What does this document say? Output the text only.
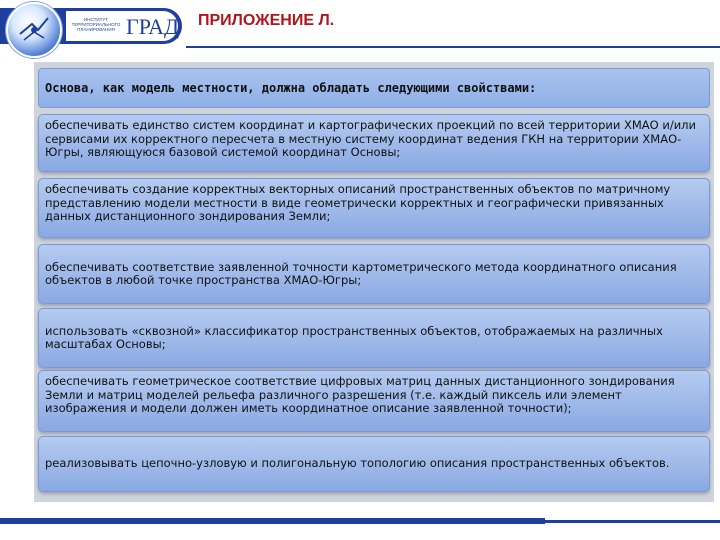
ИНСТИТУТ ТЕРРИТОРИАЛЬНОГО ПЛАНИРОВАНИЯ ГРАД ПРИЛОЖЕНИЕ Л.
Основа, как модель местности, должна обладать следующими свойствами:
обеспечивать единство систем координат и картографических проекций по всей территории ХМАО и/или сервисами их корректного пересчета в местную систему координат ведения ГКН на территории ХМАО-Югры, являющуюся базовой системой координат Основы;
обеспечивать создание корректных векторных описаний пространственных объектов по матричному представлению модели местности в виде геометрически корректных и географически привязанных данных дистанционного зондирования Земли;
обеспечивать соответствие заявленной точности картометрического метода координатного описания объектов в любой точке пространства ХМАО-Югры;
использовать «сквозной» классификатор пространственных объектов, отображаемых на различных масштабах Основы;
обеспечивать геометрическое соответствие цифровых матриц данных дистанционного зондирования Земли и матриц моделей рельефа различного разрешения (т.е. каждый пиксель или элемент изображения и модели должен иметь координатное описание заявленной точности);
реализовывать цепочно-узловую и полигональную топологию описания пространственных объектов.
